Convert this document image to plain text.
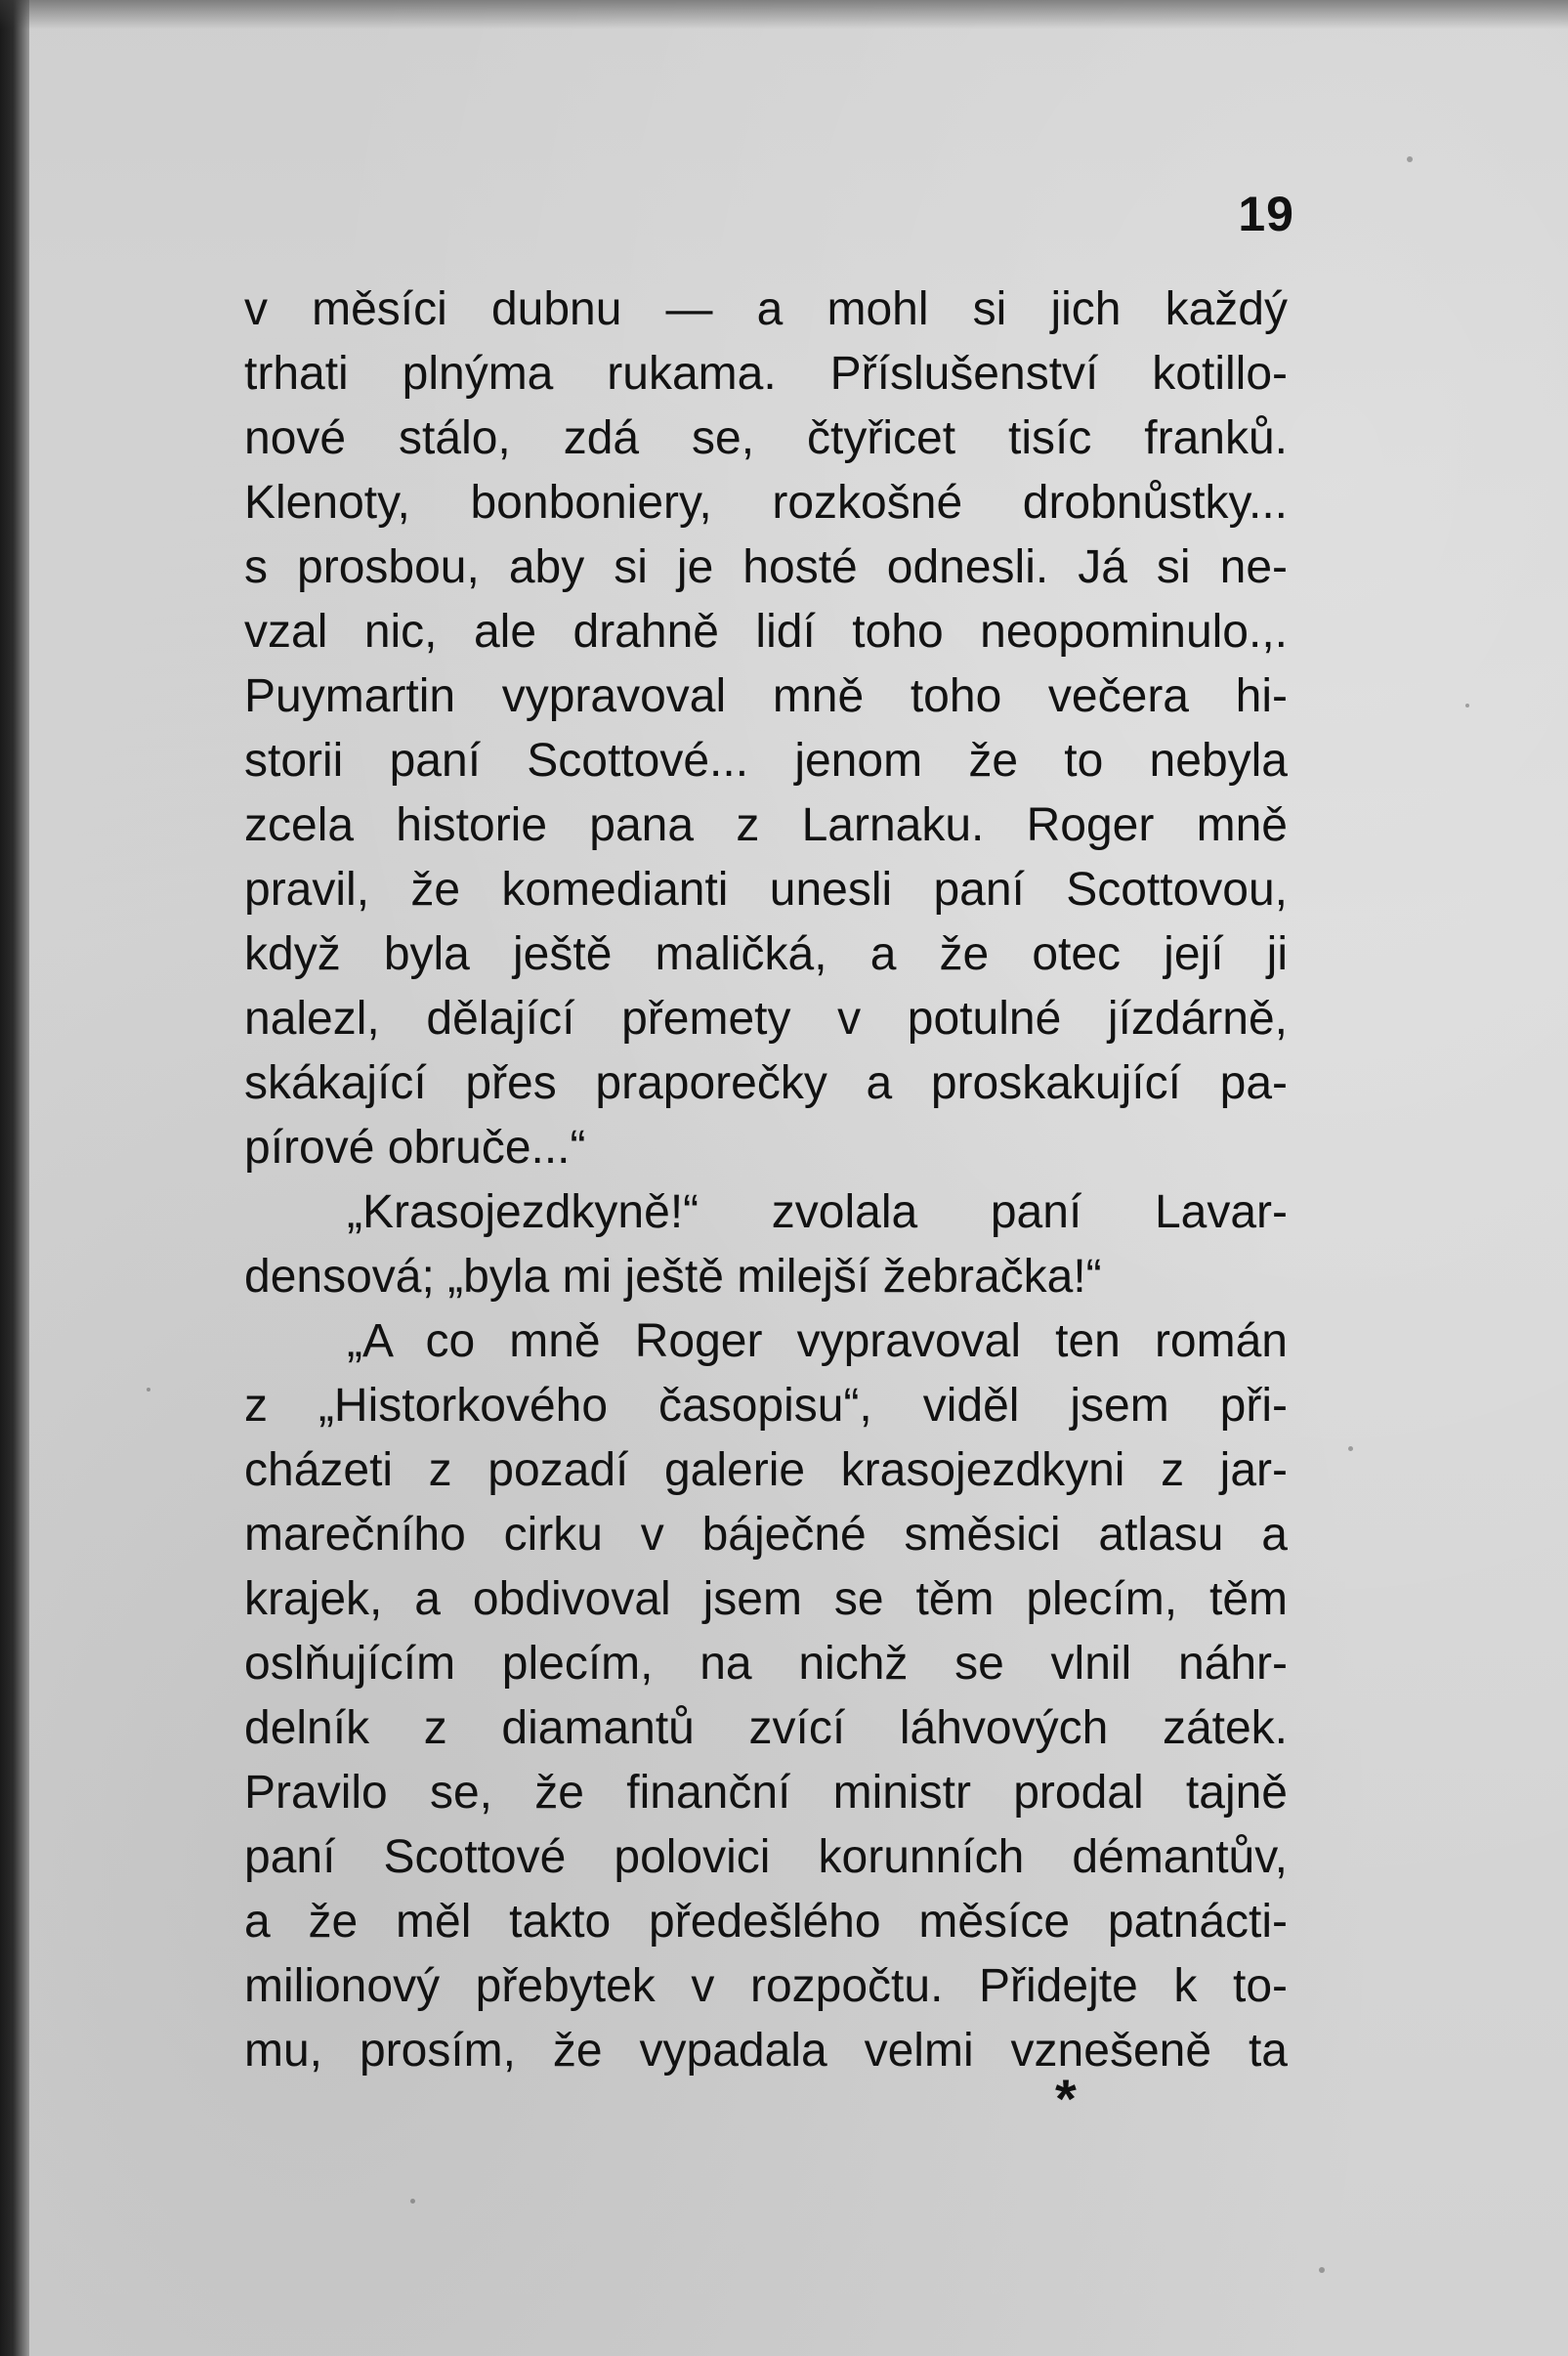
19
v měsíci dubnu — a mohl si jich každý
trhati plnýma rukama. Příslušenství kotillo-
nové stálo, zdá se, čtyřicet tisíc franků.
Klenoty, bonboniery, rozkošné drobnůstky...
s prosbou, aby si je hosté odnesli. Já si ne-
vzal nic, ale drahně lidí toho neopominulo.,.
Puymartin vypravoval mně toho večera hi-
storii paní Scottové... jenom že to nebyla
zcela historie pana z Larnaku. Roger mně
pravil, že komedianti unesli paní Scottovou,
když byla ještě maličká, a že otec její ji
nalezl, dělající přemety v potulné jízdárně,
skákající přes praporečky a proskakující pa-
pírové obruče...“
„Krasojezdkyně!“ zvolala paní Lavar-
densová; „byla mi ještě milejší žebračka!“
„A co mně Roger vypravoval ten román
z „Historkového časopisu“, viděl jsem při-
cházeti z pozadí galerie krasojezdkyni z jar-
marečního cirku v báječné směsici atlasu a
krajek, a obdivoval jsem se těm plecím, těm
oslňujícím plecím, na nichž se vlnil náhr-
delník z diamantů zvící láhvových zátek.
Pravilo se, že finanční ministr prodal tajně
paní Scottové polovici korunních démantův,
a že měl takto předešlého měsíce patnácti-
milionový přebytek v rozpočtu. Přidejte k to-
mu, prosím, že vypadala velmi vznešeně ta
*
